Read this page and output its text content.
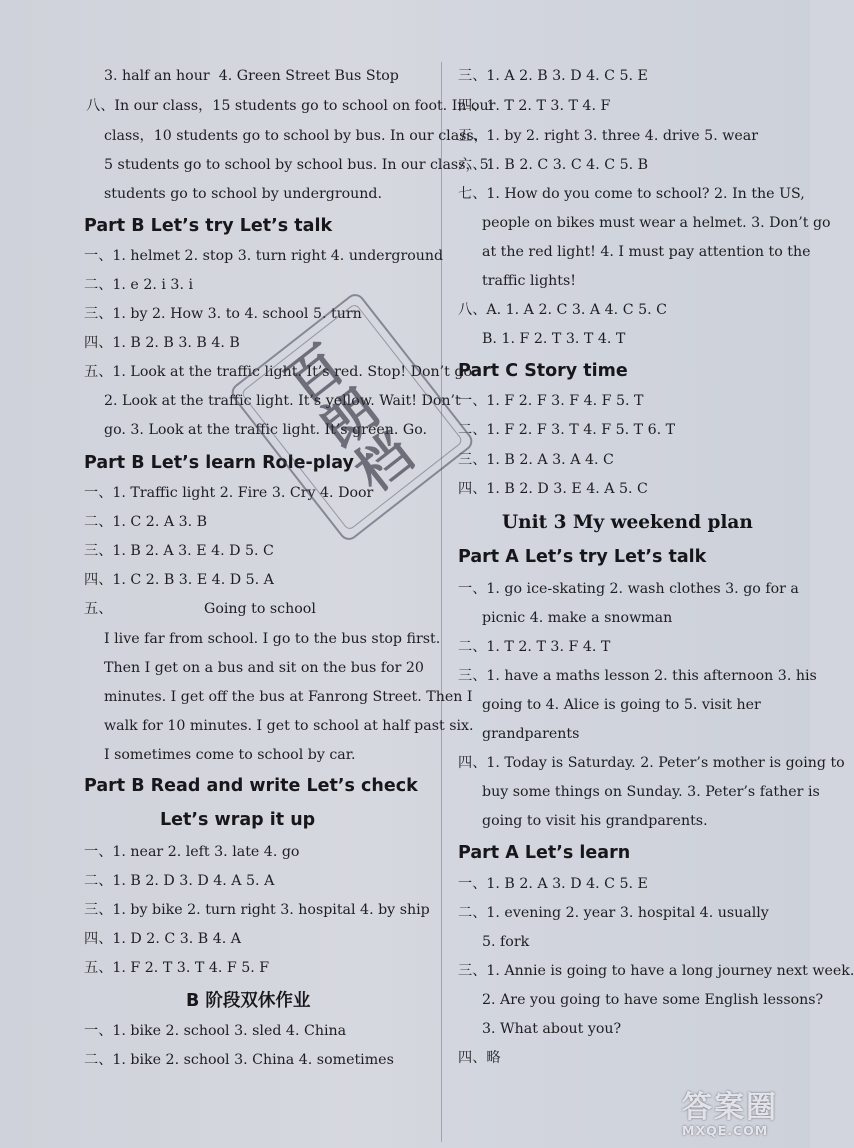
3. half an hour 4. Green Street Bus Stop
八、In our class，15 students go to school on foot. In our
class，10 students go to school by bus. In our class，
5 students go to school by school bus. In our class，5
students go to school by underground.
Part B Let’s try Let’s talk
一、1. helmet 2. stop 3. turn right 4. underground
二、1. e 2. i 3. i
三、1. by 2. How 3. to 4. school 5. turn
四、1. B 2. B 3. B 4. B
五、1. Look at the traffic light. It’s red. Stop! Don’t go.
2. Look at the traffic light. It’s yellow. Wait! Don’t
go. 3. Look at the traffic light. It’s green. Go.
Part B Let’s learn Role-play
一、1. Traffic light 2. Fire 3. Cry 4. Door
二、1. C 2. A 3. B
三、1. B 2. A 3. E 4. D 5. C
四、1. C 2. B 3. E 4. D 5. A
五、	Going to school
I live far from school. I go to the bus stop first.
Then I get on a bus and sit on the bus for 20
minutes. I get off the bus at Fanrong Street. Then I
walk for 10 minutes. I get to school at half past six.
I sometimes come to school by car.
Part B Read and write Let’s check
Let’s wrap it up
一、1. near 2. left 3. late 4. go
二、1. B 2. D 3. D 4. A 5. A
三、1. by bike 2. turn right 3. hospital 4. by ship
四、1. D 2. C 3. B 4. A
五、1. F 2. T 3. T 4. F 5. F
B 阶段双休作业
一、1. bike 2. school 3. sled 4. China
二、1. bike 2. school 3. China 4. sometimes
三、1. A 2. B 3. D 4. C 5. E
四、1. T 2. T 3. T 4. F
五、1. by 2. right 3. three 4. drive 5. wear
六、1. B 2. C 3. C 4. C 5. B
七、1. How do you come to school? 2. In the US,
people on bikes must wear a helmet. 3. Don’t go
at the red light! 4. I must pay attention to the
traffic lights!
八、A. 1. A 2. C 3. A 4. C 5. C
B. 1. F 2. T 3. T 4. T
Part C Story time
一、1. F 2. F 3. F 4. F 5. T
二、1. F 2. F 3. T 4. F 5. T 6. T
三、1. B 2. A 3. A 4. C
四、1. B 2. D 3. E 4. A 5. C
Unit 3 My weekend plan
Part A Let’s try Let’s talk
一、1. go ice-skating 2. wash clothes 3. go for a
picnic 4. make a snowman
二、1. T 2. T 3. F 4. T
三、1. have a maths lesson 2. this afternoon 3. his
going to 4. Alice is going to 5. visit her
grandparents
四、1. Today is Saturday. 2. Peter’s mother is going to
buy some things on Sunday. 3. Peter’s father is
going to visit his grandparents.
Part A Let’s learn
一、1. B 2. A 3. D 4. C 5. E
二、1. evening 2. year 3. hospital 4. usually
5. fork
三、1. Annie is going to have a long journey next week.
2. Are you going to have some English lessons?
3. What about you?
四、略
百
朗
档
答案圈
MXQE.COM
